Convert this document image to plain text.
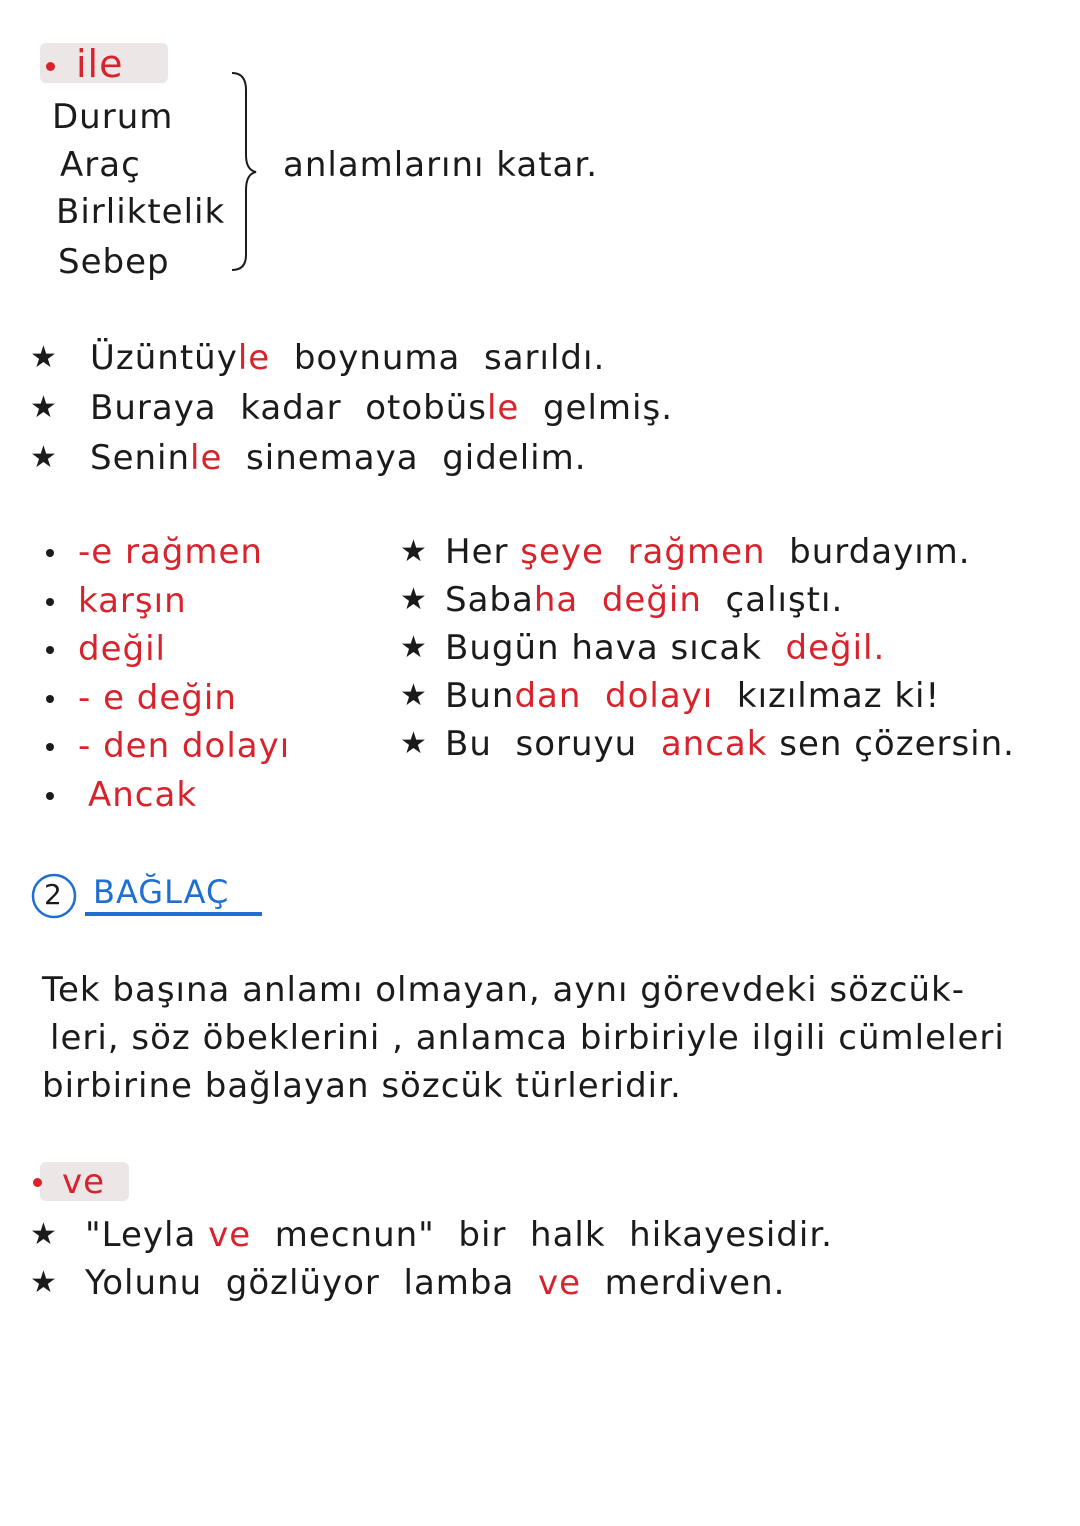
ile
Durum
Araç
Birliktelik
Sebep
anlamlarını katar.
★ Üzüntüyle  boynuma  sarıldı.
★ Buraya  kadar  otobüsle  gelmiş.
★ Seninle  sinemaya  gidelim.
-e rağmen
karşın
değil
- e değin
- den dolayı
Ancak
★ Her şeye  rağmen  burdayım.
★ Sabaha  değin  çalıştı.
★ Bugün hava sıcak  değil.
★ Bundan  dolayı  kızılmaz ki!
★ Bu  soruyu  ancak sen çözersin.
2 BAĞLAÇ
Tek başına anlamı olmayan, aynı görevdeki sözcük-
leri, söz öbeklerini , anlamca birbiriyle ilgili cümleleri
birbirine bağlayan sözcük türleridir.
ve
★ "Leyla ve  mecnun"  bir  halk  hikayesidir.
★ Yolunu  gözlüyor  lamba  ve  merdiven.
